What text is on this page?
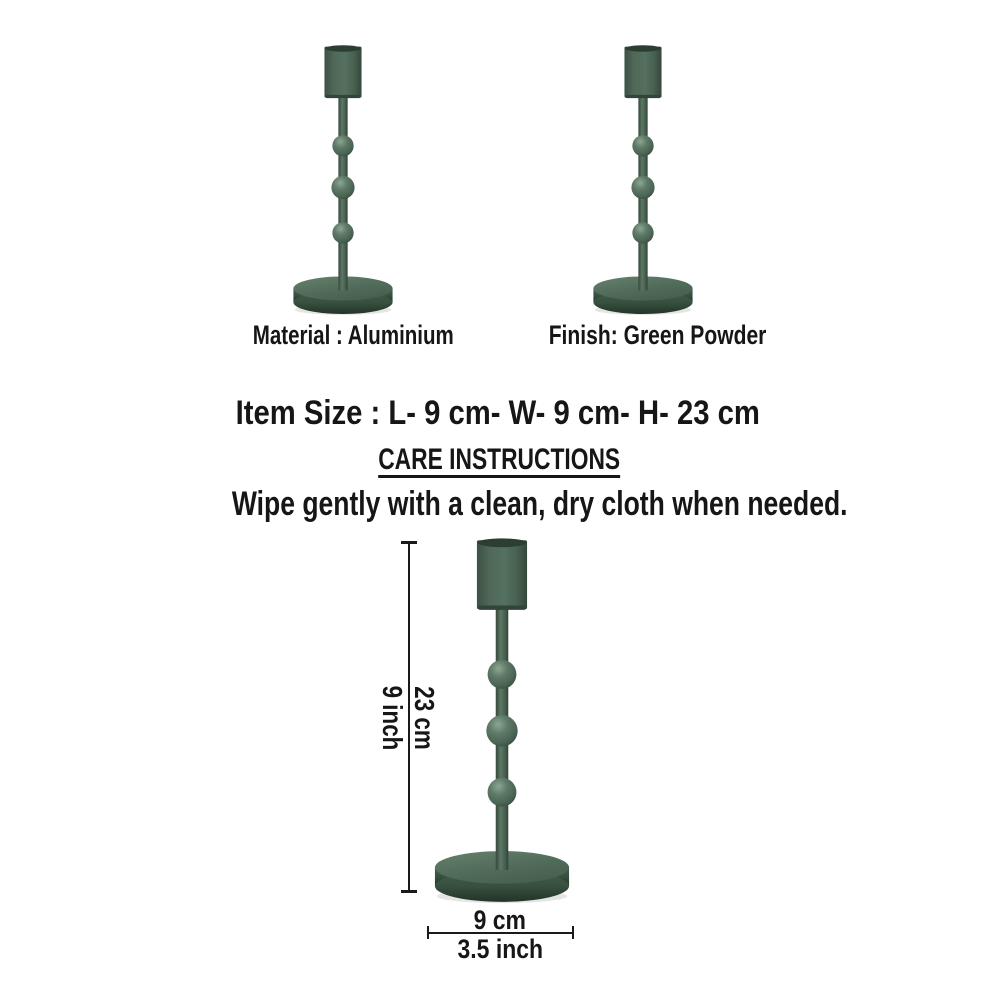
Material : Aluminium	Finish: Green Powder
Item Size : L- 9 cm- W- 9 cm- H- 23 cm
CARE INSTRUCTIONS
Wipe gently with a clean, dry cloth when needed.
23 cm
9 inch
9 cm
3.5 inch
